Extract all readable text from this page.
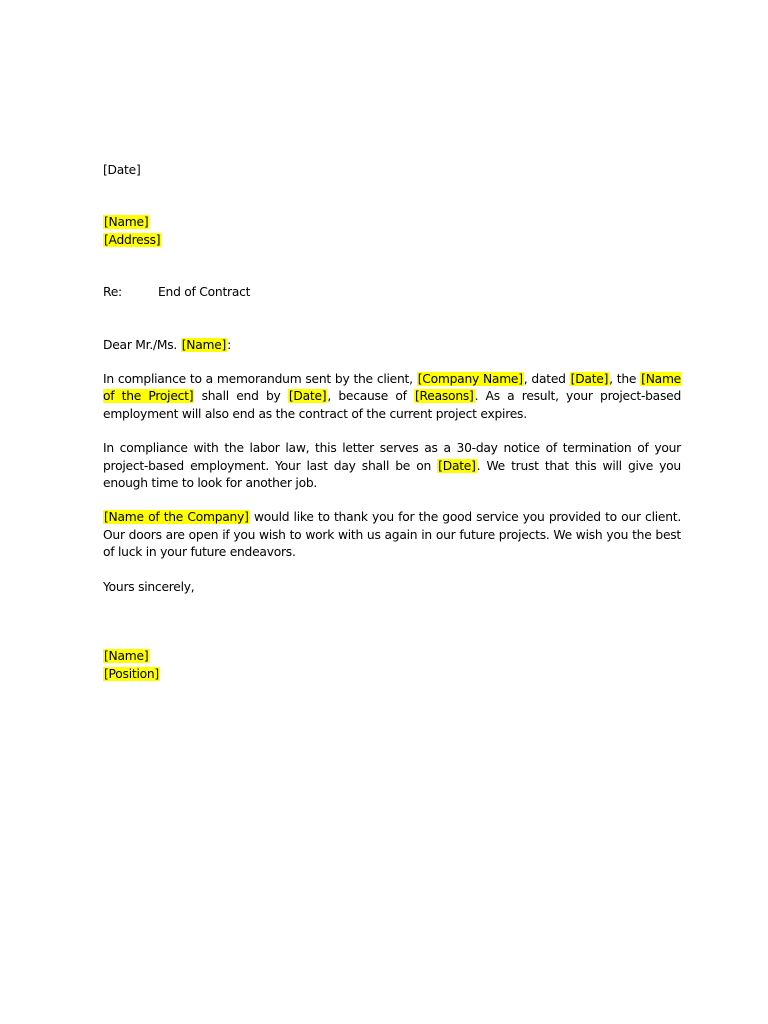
[Date]
[Name]
[Address]
Re:	End of Contract
Dear Mr./Ms. [Name]:

In compliance to a memorandum sent by the client, [Company Name], dated [Date], the [Name of the Project] shall end by [Date], because of [Reasons]. As a result, your project-based employment will also end as the contract of the current project expires.

In compliance with the labor law, this letter serves as a 30-day notice of termination of your project-based employment. Your last day shall be on [Date]. We trust that this will give you enough time to look for another job.

[Name of the Company] would like to thank you for the good service you provided to our client. Our doors are open if you wish to work with us again in our future projects. We wish you the best of luck in your future endeavors.

Yours sincerely,
[Name]
[Position]
